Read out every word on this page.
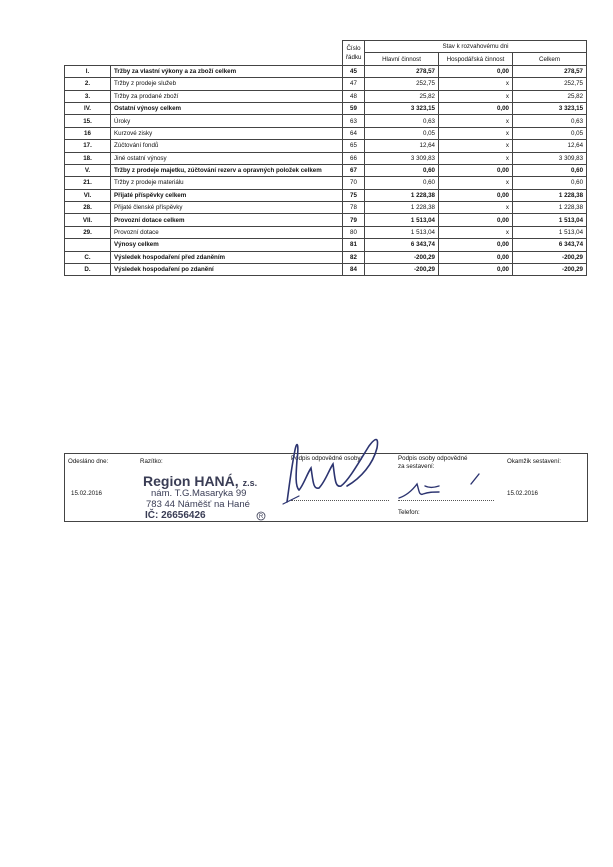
		Číslo řádku	Stav k rozvahovému dni		
			Hlavní činnost	Hospodářská činnost	Celkem
I.	Tržby za vlastní výkony a za zboží celkem	45	278,57	0,00	278,57
2.	Tržby z prodeje služeb	47	252,75	x	252,75
3.	Tržby za prodané zboží	48	25,82	x	25,82
IV.	Ostatní výnosy celkem	59	3 323,15	0,00	3 323,15
15.	Úroky	63	0,63	x	0,63
16	Kurzové zisky	64	0,05	x	0,05
17.	Zúčtování fondů	65	12,64	x	12,64
18.	Jiné ostatní výnosy	66	3 309,83	x	3 309,83
V.	Tržby z prodeje majetku, zúčtování rezerv a opravných položek celkem	67	0,60	0,00	0,60
21.	Tržby z prodeje materiálu	70	0,60	x	0,60
VI.	Přijaté příspěvky celkem	75	1 228,38	0,00	1 228,38
28.	Přijaté členské příspěvky	78	1 228,38	x	1 228,38
VII.	Provozní dotace celkem	79	1 513,04	0,00	1 513,04
29.	Provozní dotace	80	1 513,04	x	1 513,04
	Výnosy celkem	81	6 343,74	0,00	6 343,74
C.	Výsledek hospodaření před zdaněním	82	-200,29	0,00	-200,29
D.	Výsledek hospodaření po zdanění	84	-200,29	0,00	-200,29
Odesláno dne:
15.02.2016
Razítko:	Podpis odpovědné osoby:	Podpis osoby odpovědné
za sestavení:
Okamžik sestavení:
15.02.2016
Telefon:
Region HANÁ, z.s.
nám. T.G.Masaryka 99
783 44 Náměšť na Hané
IČ: 26656426	R
